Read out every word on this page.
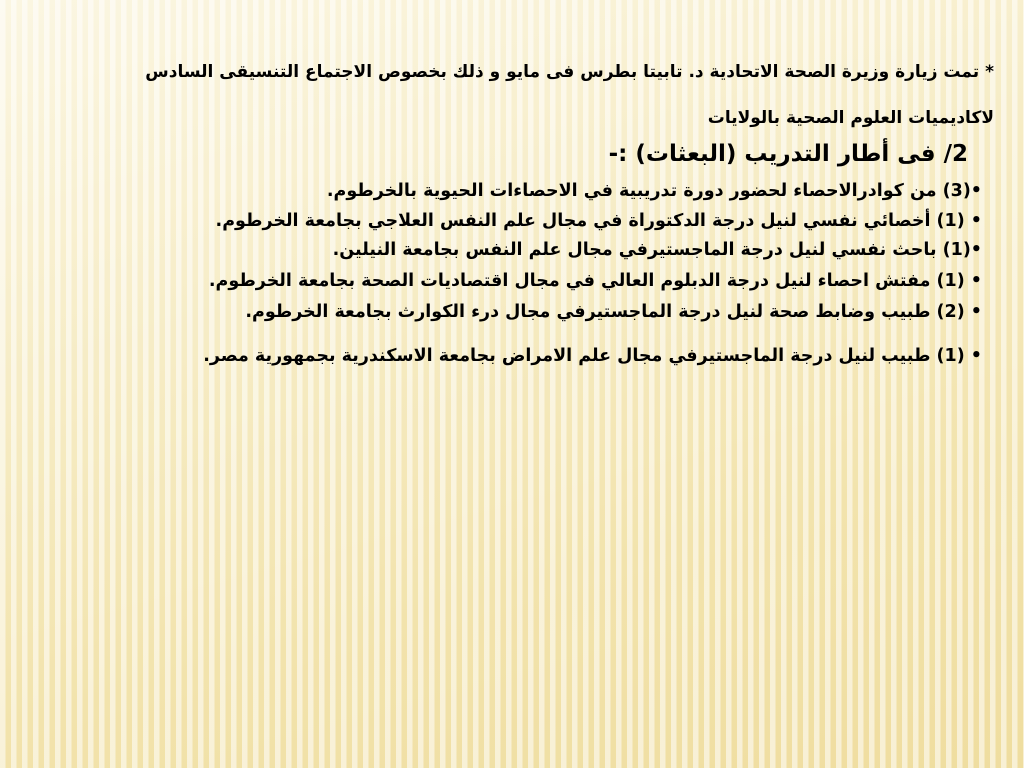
* تمت زيارة وزيرة الصحة الاتحادية د. تابيتا بطرس فى مايو و ذلك بخصوص الاجتماع التنسيقى السادس
لاكاديميات العلوم الصحية بالولايات
2/ فى أطار التدريب (البعثات) :-
•(3) من كوادرالاحصاء لحضور دورة تدريبية في الاحصاءات الحيوية بالخرطوم.
• (1) أخصائي نفسي لنيل درجة الدكتوراة في مجال علم النفس العلاجي بجامعة الخرطوم.
•(1) باحث نفسي لنيل درجة الماجستيرفي مجال علم النفس بجامعة النيلين.
• (1) مفتش احصاء لنيل درجة الدبلوم العالي في مجال اقتصاديات الصحة بجامعة الخرطوم.
• (2) طبيب وضابط صحة لنيل درجة الماجستيرفي مجال درء الكوارث بجامعة الخرطوم.
• (1) طبيب لنيل درجة الماجستيرفي مجال علم الامراض بجامعة الاسكندرية بجمهورية مصر.
